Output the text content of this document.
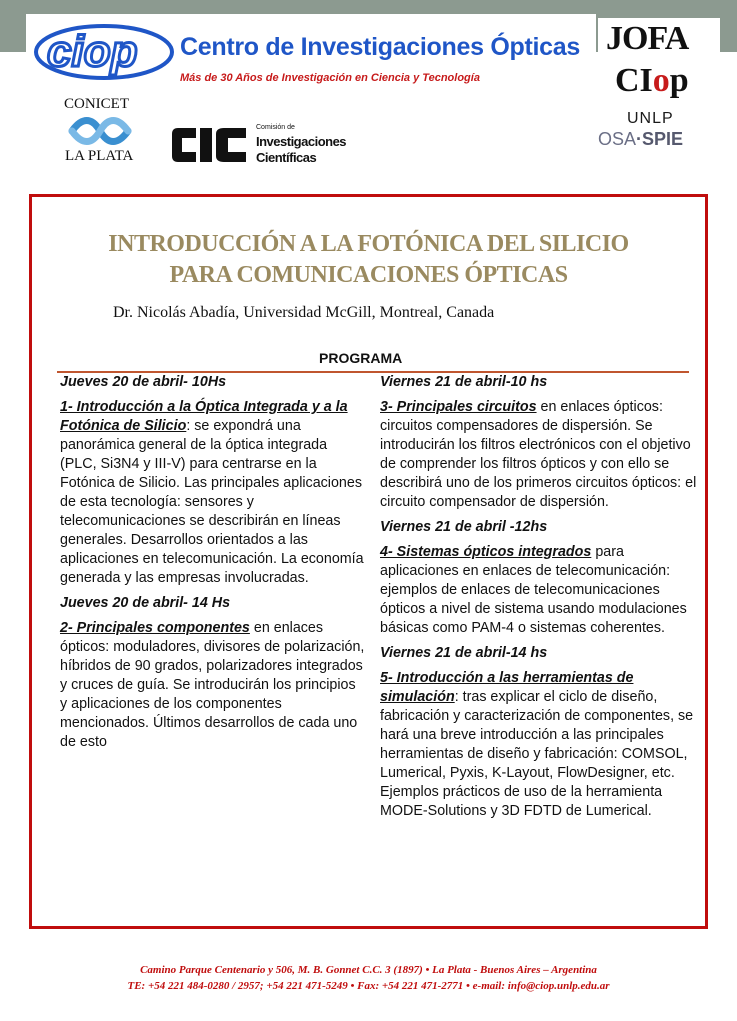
ciop Centro de Investigaciones Ópticas
Más de 30 Años de Investigación en Ciencia y Tecnología
JOFA
CIop
UNLP
OSA·SPIE
CONICET
LA PLATA
Comisión de
Investigaciones
Científicas
INTRODUCCIÓN A LA FOTÓNICA DEL SILICIO
PARA COMUNICACIONES ÓPTICAS
Dr. Nicolás Abadía, Universidad McGill, Montreal, Canada
PROGRAMA
Jueves 20 de abril- 10Hs

1- Introducción a la Óptica Integrada y a la Fotónica de Silicio: se expondrá una panorámica general de la óptica integrada (PLC, Si3N4 y III-V) para centrarse en la Fotónica de Silicio. Las principales aplicaciones de esta tecnología: sensores y telecomunicaciones se describirán en líneas generales. Desarrollos orientados a las aplicaciones en telecomunicación. La economía generada y las empresas involucradas.

Jueves 20 de abril- 14 Hs

2- Principales componentes en enlaces ópticos: moduladores, divisores de polarización, híbridos de 90 grados, polarizadores integrados y cruces de guía. Se introducirán los principios y aplicaciones de los componentes mencionados. Últimos desarrollos de cada uno de esto

Viernes 21 de abril-10 hs

3- Principales circuitos en enlaces ópticos: circuitos compensadores de dispersión. Se introducirán los filtros electrónicos con el objetivo de comprender los filtros ópticos y con ello se describirá uno de los primeros circuitos ópticos: el circuito compensador de dispersión.

Viernes 21 de abril -12hs

4- Sistemas ópticos integrados para aplicaciones en enlaces de telecomunicación: ejemplos de enlaces de telecomunicaciones ópticos a nivel de sistema usando modulaciones básicas como PAM-4 o sistemas coherentes.

Viernes 21 de abril-14 hs

5- Introducción a las herramientas de simulación: tras explicar el ciclo de diseño, fabricación y caracterización de componentes, se hará una breve introducción a las principales herramientas de diseño y fabricación: COMSOL, Lumerical, Pyxis, K-Layout, FlowDesigner, etc. Ejemplos prácticos de uso de la herramienta MODE-Solutions y 3D FDTD de Lumerical.

Camino Parque Centenario y 506, M. B. Gonnet C.C. 3 (1897) • La Plata - Buenos Aires – Argentina
TE: +54 221 484-0280 / 2957; +54 221 471-5249 • Fax: +54 221 471-2771 • e-mail: info@ciop.unlp.edu.ar
